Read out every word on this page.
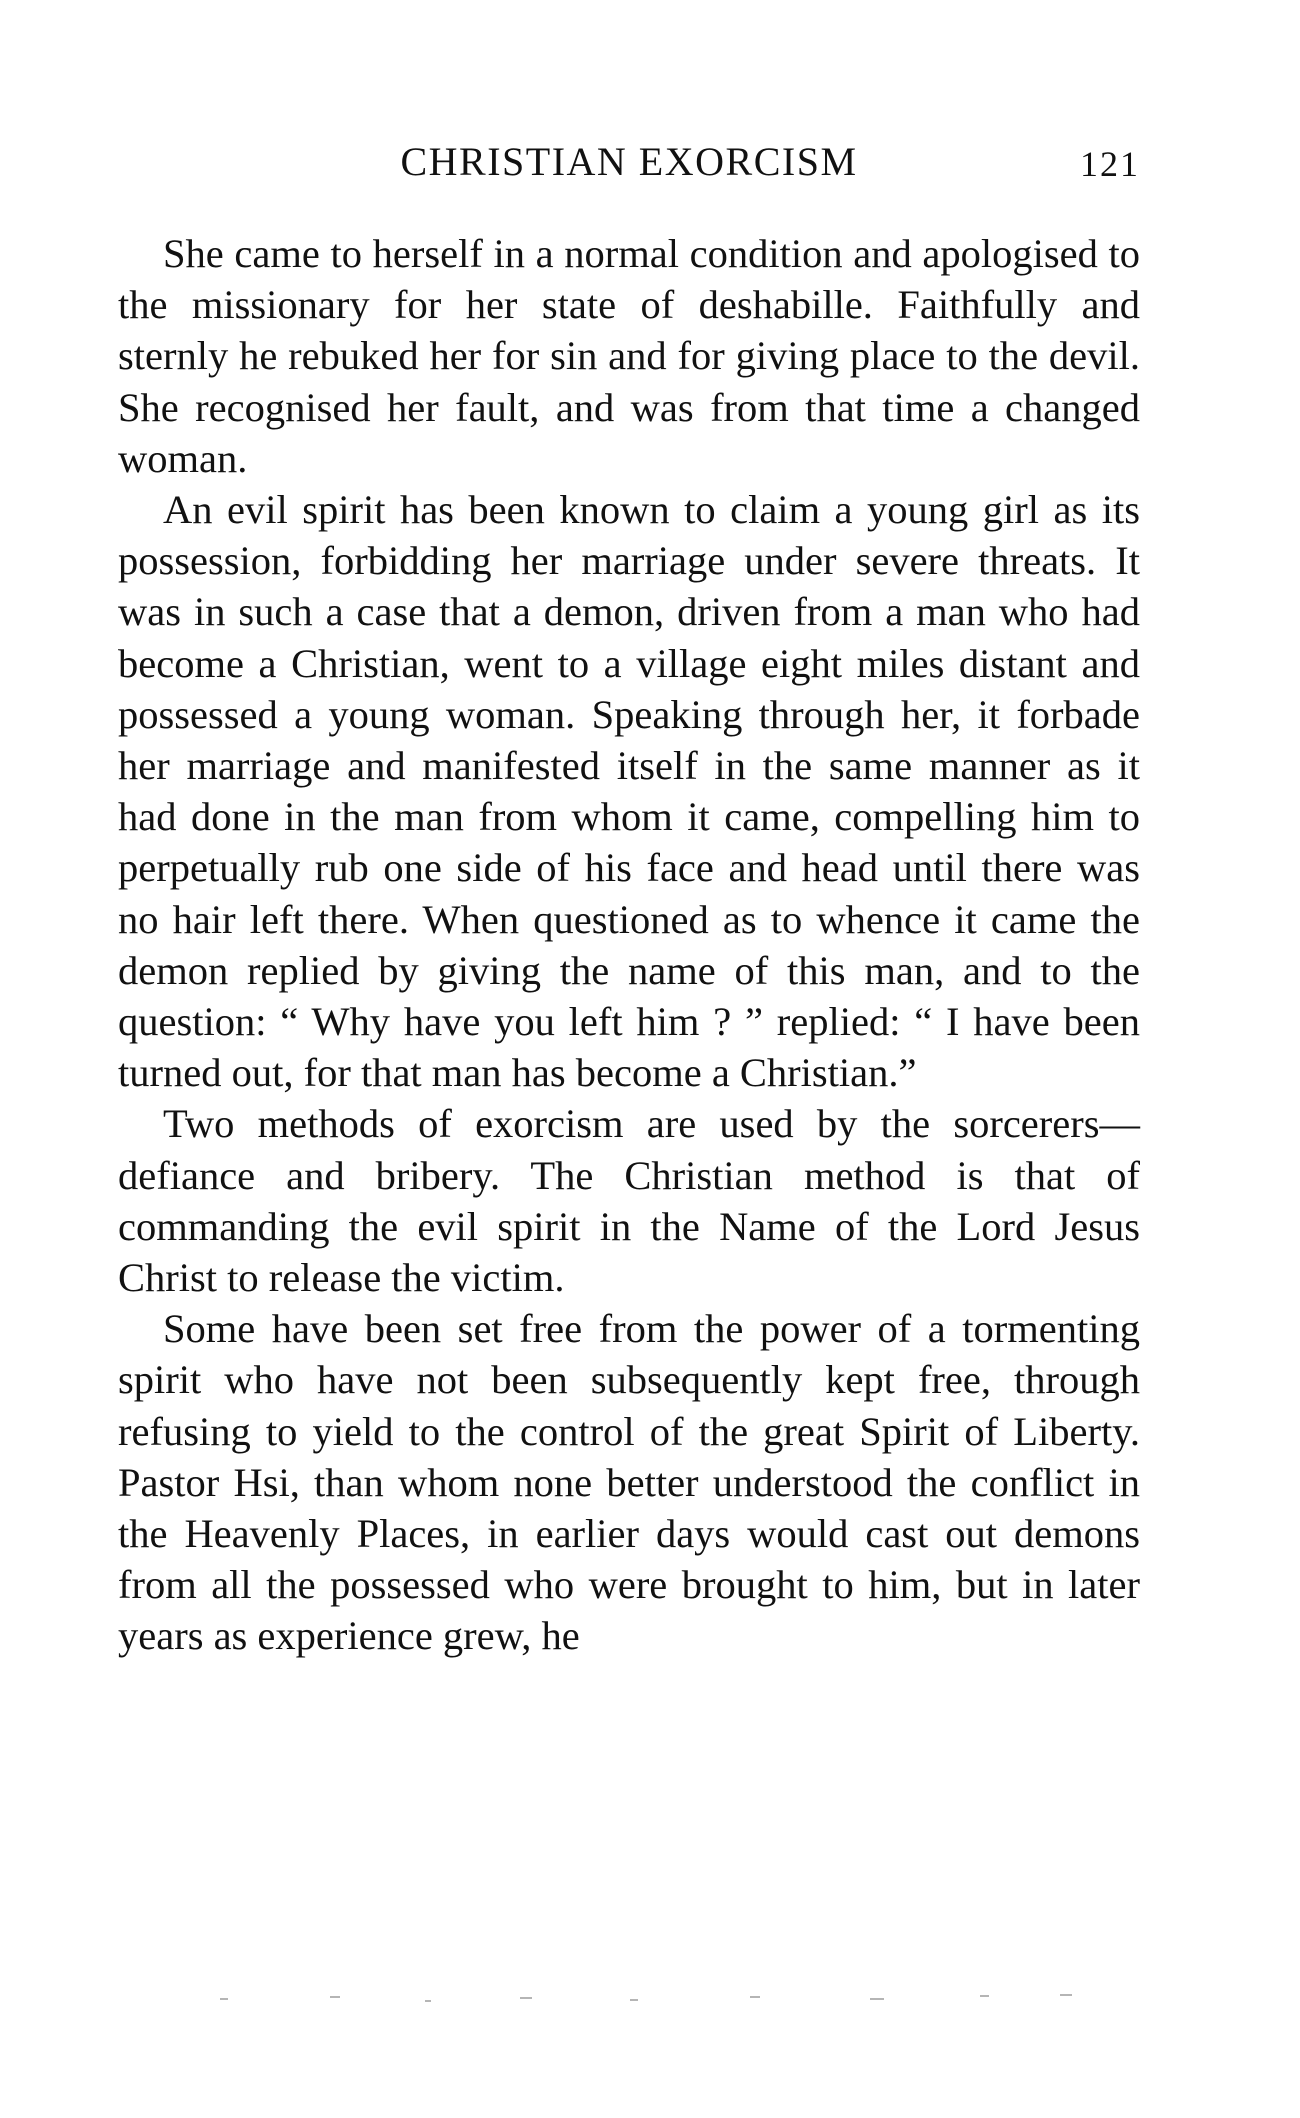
CHRISTIAN EXORCISM	121

She came to herself in a normal condition and apologised to the missionary for her state of deshabille. Faithfully and sternly he rebuked her for sin and for giving place to the devil. She recognised her fault, and was from that time a changed woman.

An evil spirit has been known to claim a young girl as its possession, forbidding her marriage under severe threats. It was in such a case that a demon, driven from a man who had become a Christian, went to a village eight miles distant and possessed a young woman. Speaking through her, it forbade her marriage and manifested itself in the same manner as it had done in the man from whom it came, compelling him to perpetually rub one side of his face and head until there was no hair left there. When questioned as to whence it came the demon replied by giving the name of this man, and to the question: “ Why have you left him ? ” replied: “ I have been turned out, for that man has become a Christian.”

Two methods of exorcism are used by the sorcerers—defiance and bribery. The Christian method is that of commanding the evil spirit in the Name of the Lord Jesus Christ to release the victim.

Some have been set free from the power of a tormenting spirit who have not been subsequently kept free, through refusing to yield to the control of the great Spirit of Liberty. Pastor Hsi, than whom none better understood the conflict in the Heavenly Places, in earlier days would cast out demons from all the possessed who were brought to him, but in later years as experience grew, he
